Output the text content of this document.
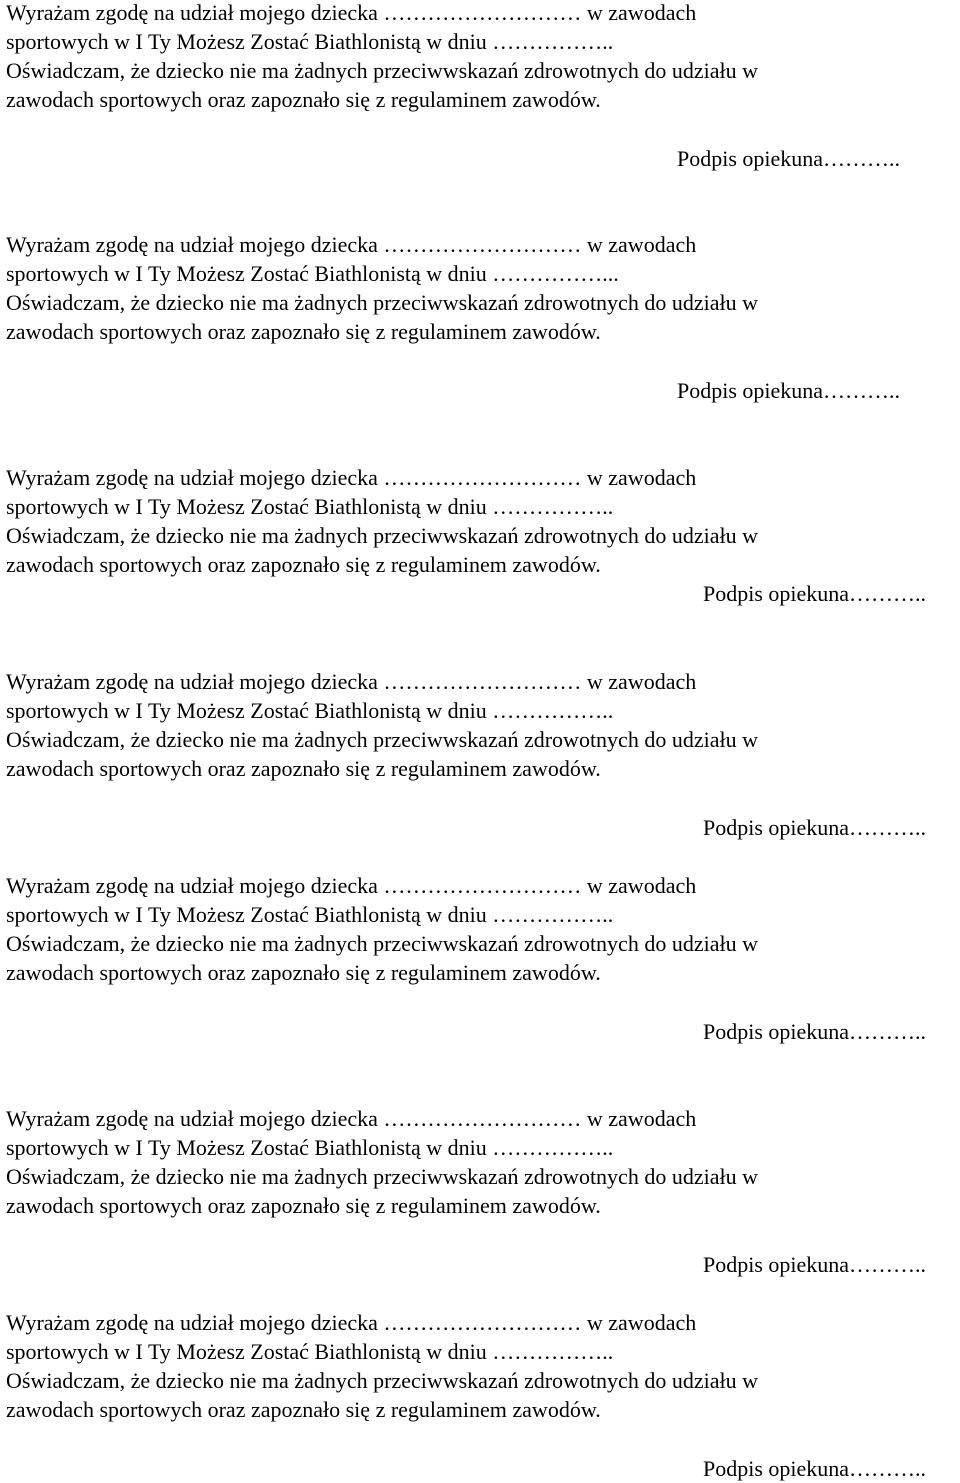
Wyrażam zgodę na udział mojego dziecka ……………………… w zawodach
sportowych w I Ty Możesz Zostać Biathlonistą w dniu ……………..
Oświadczam, że dziecko nie ma żadnych przeciwwskazań zdrowotnych do udziału w
zawodach sportowych oraz zapoznało się z regulaminem zawodów.
Podpis opiekuna………..
Wyrażam zgodę na udział mojego dziecka ……………………… w zawodach
sportowych w I Ty Możesz Zostać Biathlonistą w dniu ……………...
Oświadczam, że dziecko nie ma żadnych przeciwwskazań zdrowotnych do udziału w
zawodach sportowych oraz zapoznało się z regulaminem zawodów.
Podpis opiekuna………..
Wyrażam zgodę na udział mojego dziecka ……………………… w zawodach
sportowych w I Ty Możesz Zostać Biathlonistą w dniu ……………..
Oświadczam, że dziecko nie ma żadnych przeciwwskazań zdrowotnych do udziału w
zawodach sportowych oraz zapoznało się z regulaminem zawodów.
Podpis opiekuna………..
Wyrażam zgodę na udział mojego dziecka ……………………… w zawodach
sportowych w I Ty Możesz Zostać Biathlonistą w dniu ……………..
Oświadczam, że dziecko nie ma żadnych przeciwwskazań zdrowotnych do udziału w
zawodach sportowych oraz zapoznało się z regulaminem zawodów.
Podpis opiekuna………..
Wyrażam zgodę na udział mojego dziecka ……………………… w zawodach
sportowych w I Ty Możesz Zostać Biathlonistą w dniu ……………..
Oświadczam, że dziecko nie ma żadnych przeciwwskazań zdrowotnych do udziału w
zawodach sportowych oraz zapoznało się z regulaminem zawodów.
Podpis opiekuna………..
Wyrażam zgodę na udział mojego dziecka ……………………… w zawodach
sportowych w I Ty Możesz Zostać Biathlonistą w dniu ……………..
Oświadczam, że dziecko nie ma żadnych przeciwwskazań zdrowotnych do udziału w
zawodach sportowych oraz zapoznało się z regulaminem zawodów.
Podpis opiekuna………..
Wyrażam zgodę na udział mojego dziecka ……………………… w zawodach
sportowych w I Ty Możesz Zostać Biathlonistą w dniu ……………..
Oświadczam, że dziecko nie ma żadnych przeciwwskazań zdrowotnych do udziału w
zawodach sportowych oraz zapoznało się z regulaminem zawodów.
Podpis opiekuna………..
